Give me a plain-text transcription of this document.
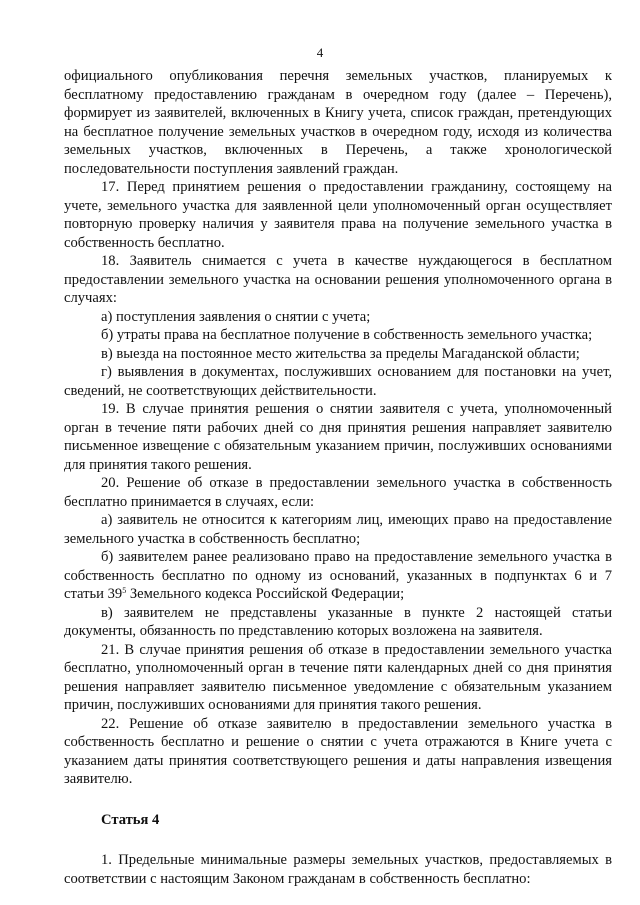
4

официального опубликования перечня земельных участков, планируемых к бесплатному предоставлению гражданам в очередном году (далее – Перечень), формирует из заявителей, включенных в Книгу учета, список граждан, претендующих на бесплатное получение земельных участков в очередном году, исходя из количества земельных участков, включенных в Перечень, а также хронологической последовательности поступления заявлений граждан.

17. Перед принятием решения о предоставлении гражданину, состоящему на учете, земельного участка для заявленной цели уполномоченный орган осуществляет повторную проверку наличия у заявителя права на получение земельного участка в собственность бесплатно.

18. Заявитель снимается с учета в качестве нуждающегося в бесплатном предоставлении земельного участка на основании решения уполномоченного органа в случаях:

а) поступления заявления о снятии с учета;

б) утраты права на бесплатное получение в собственность земельного участка;

в) выезда на постоянное место жительства за пределы Магаданской области;

г) выявления в документах, послуживших основанием для постановки на учет, сведений, не соответствующих действительности.

19. В случае принятия решения о снятии заявителя с учета, уполномоченный орган в течение пяти рабочих дней со дня принятия решения направляет заявителю письменное извещение с обязательным указанием причин, послуживших основаниями для принятия такого решения.

20. Решение об отказе в предоставлении земельного участка в собственность бесплатно принимается в случаях, если:

а) заявитель не относится к категориям лиц, имеющих право на предоставление земельного участка в собственность бесплатно;

б) заявителем ранее реализовано право на предоставление земельного участка в собственность бесплатно по одному из оснований, указанных в подпунктах 6 и 7 статьи $39^5$ Земельного кодекса Российской Федерации;

в) заявителем не представлены указанные в пункте 2 настоящей статьи документы, обязанность по представлению которых возложена на заявителя.

21. В случае принятия решения об отказе в предоставлении земельного участка бесплатно, уполномоченный орган в течение пяти календарных дней со дня принятия решения направляет заявителю письменное уведомление с обязательным указанием причин, послуживших основаниями для принятия такого решения.

22. Решение об отказе заявителю в предоставлении земельного участка в собственность бесплатно и решение о снятии с учета отражаются в Книге учета с указанием даты принятия соответствующего решения и даты направления извещения заявителю.

Статья 4

1. Предельные минимальные размеры земельных участков, предоставляемых в соответствии с настоящим Законом гражданам в собственность бесплатно:
